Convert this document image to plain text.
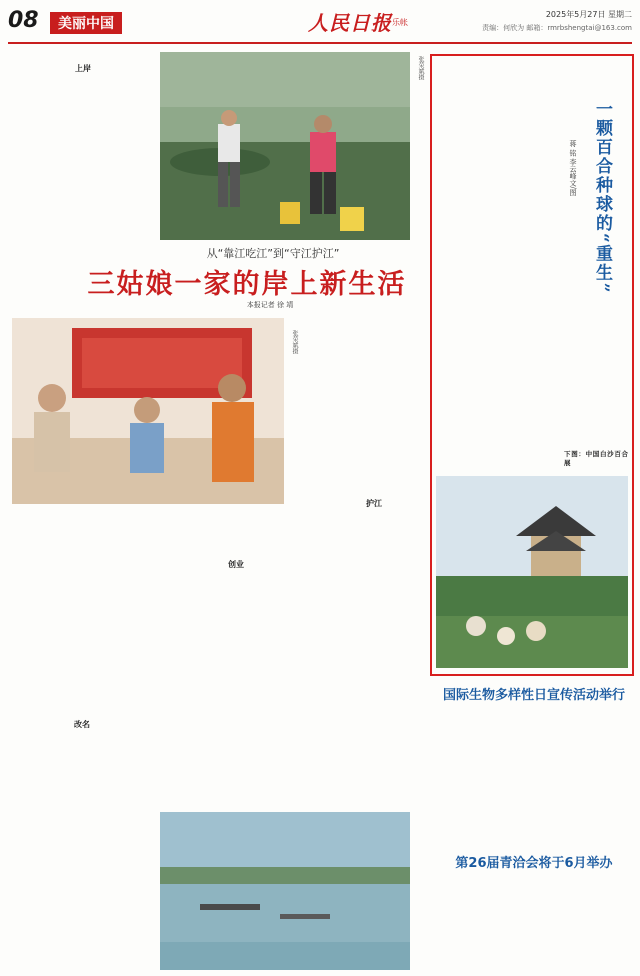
08	美丽中国	人民日报 乐帐
2025年5月27日 星期二
责编：何欣为 邮箱：rmrbshengtai@163.com

上岸	张荣斌摄
从“靠江吃江”到“守江护江”
三姑娘一家的岸上新生活
本报记者 徐 靖
张荣斌摄

护江
改名
创业
一颗百合种球的“重生”
蒋 铭 李云峰文/图

下图：中国白沙百合展

国际生物多样性日宣传活动举行
第26届青洽会将于6月举办
